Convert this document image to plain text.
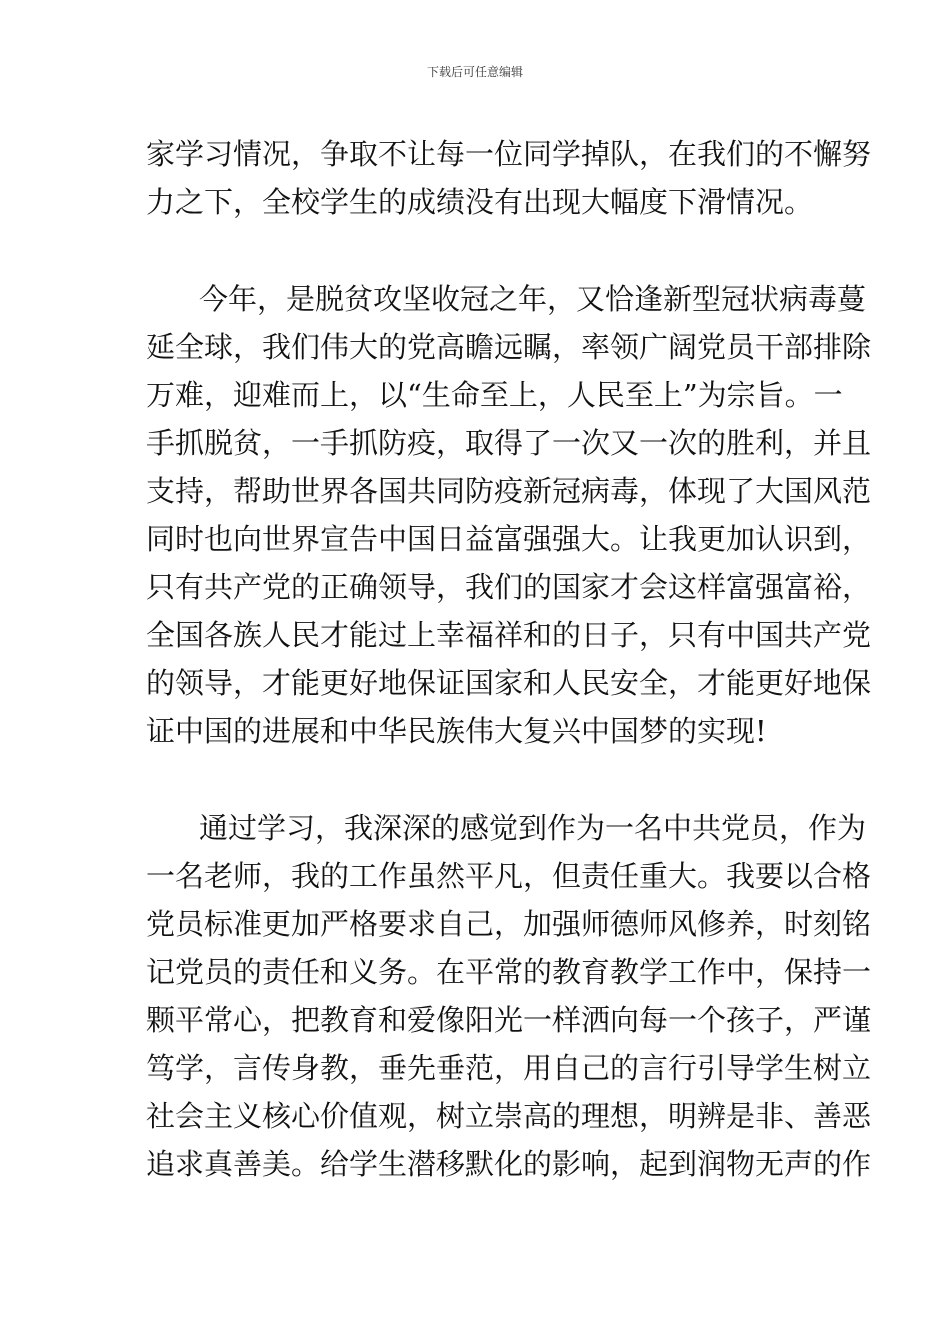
下载后可任意编辑
家学习情况，争取不让每一位同学掉队，在我们的不懈努
力之下，全校学生的成绩没有出现大幅度下滑情况。
今年，是脱贫攻坚收冠之年，又恰逢新型冠状病毒蔓
延全球，我们伟大的党高瞻远瞩，率领广阔党员干部排除
万难，迎难而上，以“生命至上，人民至上”为宗旨。一
手抓脱贫，一手抓防疫，取得了一次又一次的胜利，并且
支持，帮助世界各国共同防疫新冠病毒，体现了大国风范
同时也向世界宣告中国日益富强强大。让我更加认识到，
只有共产党的正确领导，我们的国家才会这样富强富裕，
全国各族人民才能过上幸福祥和的日子，只有中国共产党
的领导，才能更好地保证国家和人民安全，才能更好地保
证中国的进展和中华民族伟大复兴中国梦的实现!
通过学习，我深深的感觉到作为一名中共党员，作为
一名老师，我的工作虽然平凡，但责任重大。我要以合格
党员标准更加严格要求自己，加强师德师风修养，时刻铭
记党员的责任和义务。在平常的教育教学工作中，保持一
颗平常心，把教育和爱像阳光一样洒向每一个孩子，严谨
笃学，言传身教，垂先垂范，用自己的言行引导学生树立
社会主义核心价值观，树立崇高的理想，明辨是非、善恶
追求真善美。给学生潜移默化的影响，起到润物无声的作
